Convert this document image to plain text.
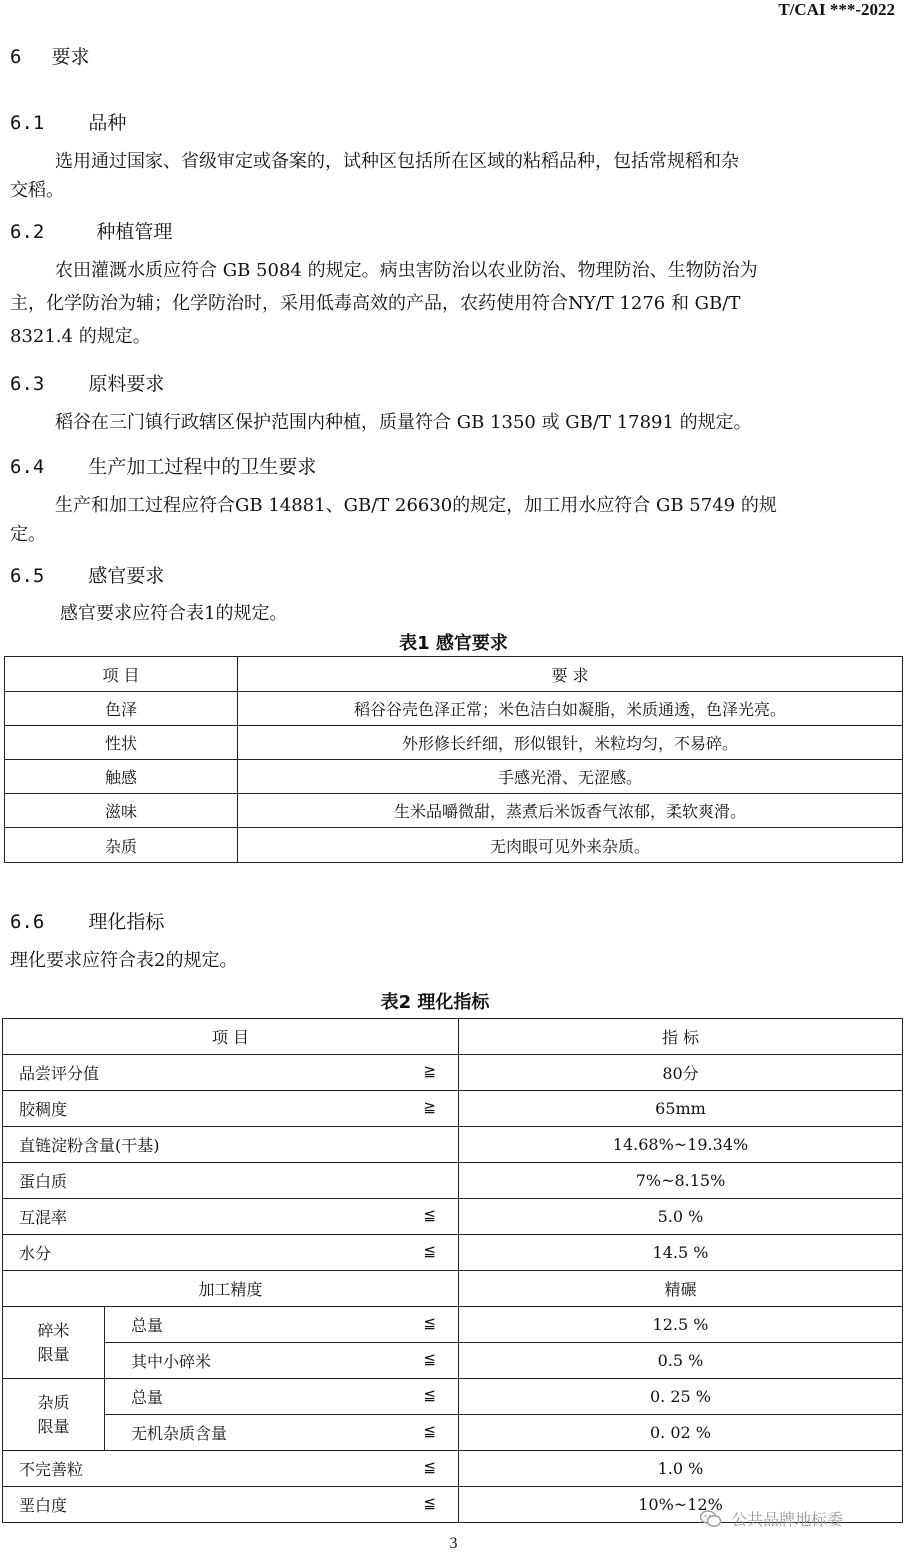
T/CAI ***-2022
6 要求
6.1 品种
选用通过国家、省级审定或备案的，试种区包括所在区域的粘稻品种，包括常规稻和杂
交稻。
6.2	种植管理
农田灌溉水质应符合 GB 5084 的规定。病虫害防治以农业防治、物理防治、生物防治为
主，化学防治为辅；化学防治时，采用低毒高效的产品，农药使用符合NY/T 1276 和 GB/T
8321.4 的规定。
6.3 原料要求
稻谷在三门镇行政辖区保护范围内种植，质量符合 GB 1350 或 GB/T 17891 的规定。
6.4 生产加工过程中的卫生要求
生产和加工过程应符合GB 14881、GB/T 26630的规定，加工用水应符合 GB 5749 的规
定。
6.5 感官要求
感官要求应符合表1的规定。
表1 感官要求
项 目	要 求
色泽	稻谷谷壳色泽正常；米色洁白如凝脂，米质通透，色泽光亮。
性状	外形修长纤细，形似银针，米粒均匀，不易碎。
触感	手感光滑、无涩感。
滋味	生米品嚼微甜，蒸煮后米饭香气浓郁，柔软爽滑。
杂质	无肉眼可见外来杂质。
6.6 理化指标
理化要求应符合表2的规定。
表2 理化指标
项 目		指 标
品尝评分值 ≧		80分
胶稠度 ≧		65mm
直链淀粉含量(干基)		14.68%~19.34%
蛋白质		7%~8.15%
互混率 ≦		5.0 %
水分 ≦		14.5 %
加工精度		精碾
碎米
限量	总量 ≦	12.5 %
	其中小碎米 ≦	0.5 %
杂质
限量	总量 ≦	0. 25 %
	无机杂质含量 ≦	0. 02 %
不完善粒 ≦		1.0 %
垩白度 ≦		10%~12%
公共品牌地标委
3
